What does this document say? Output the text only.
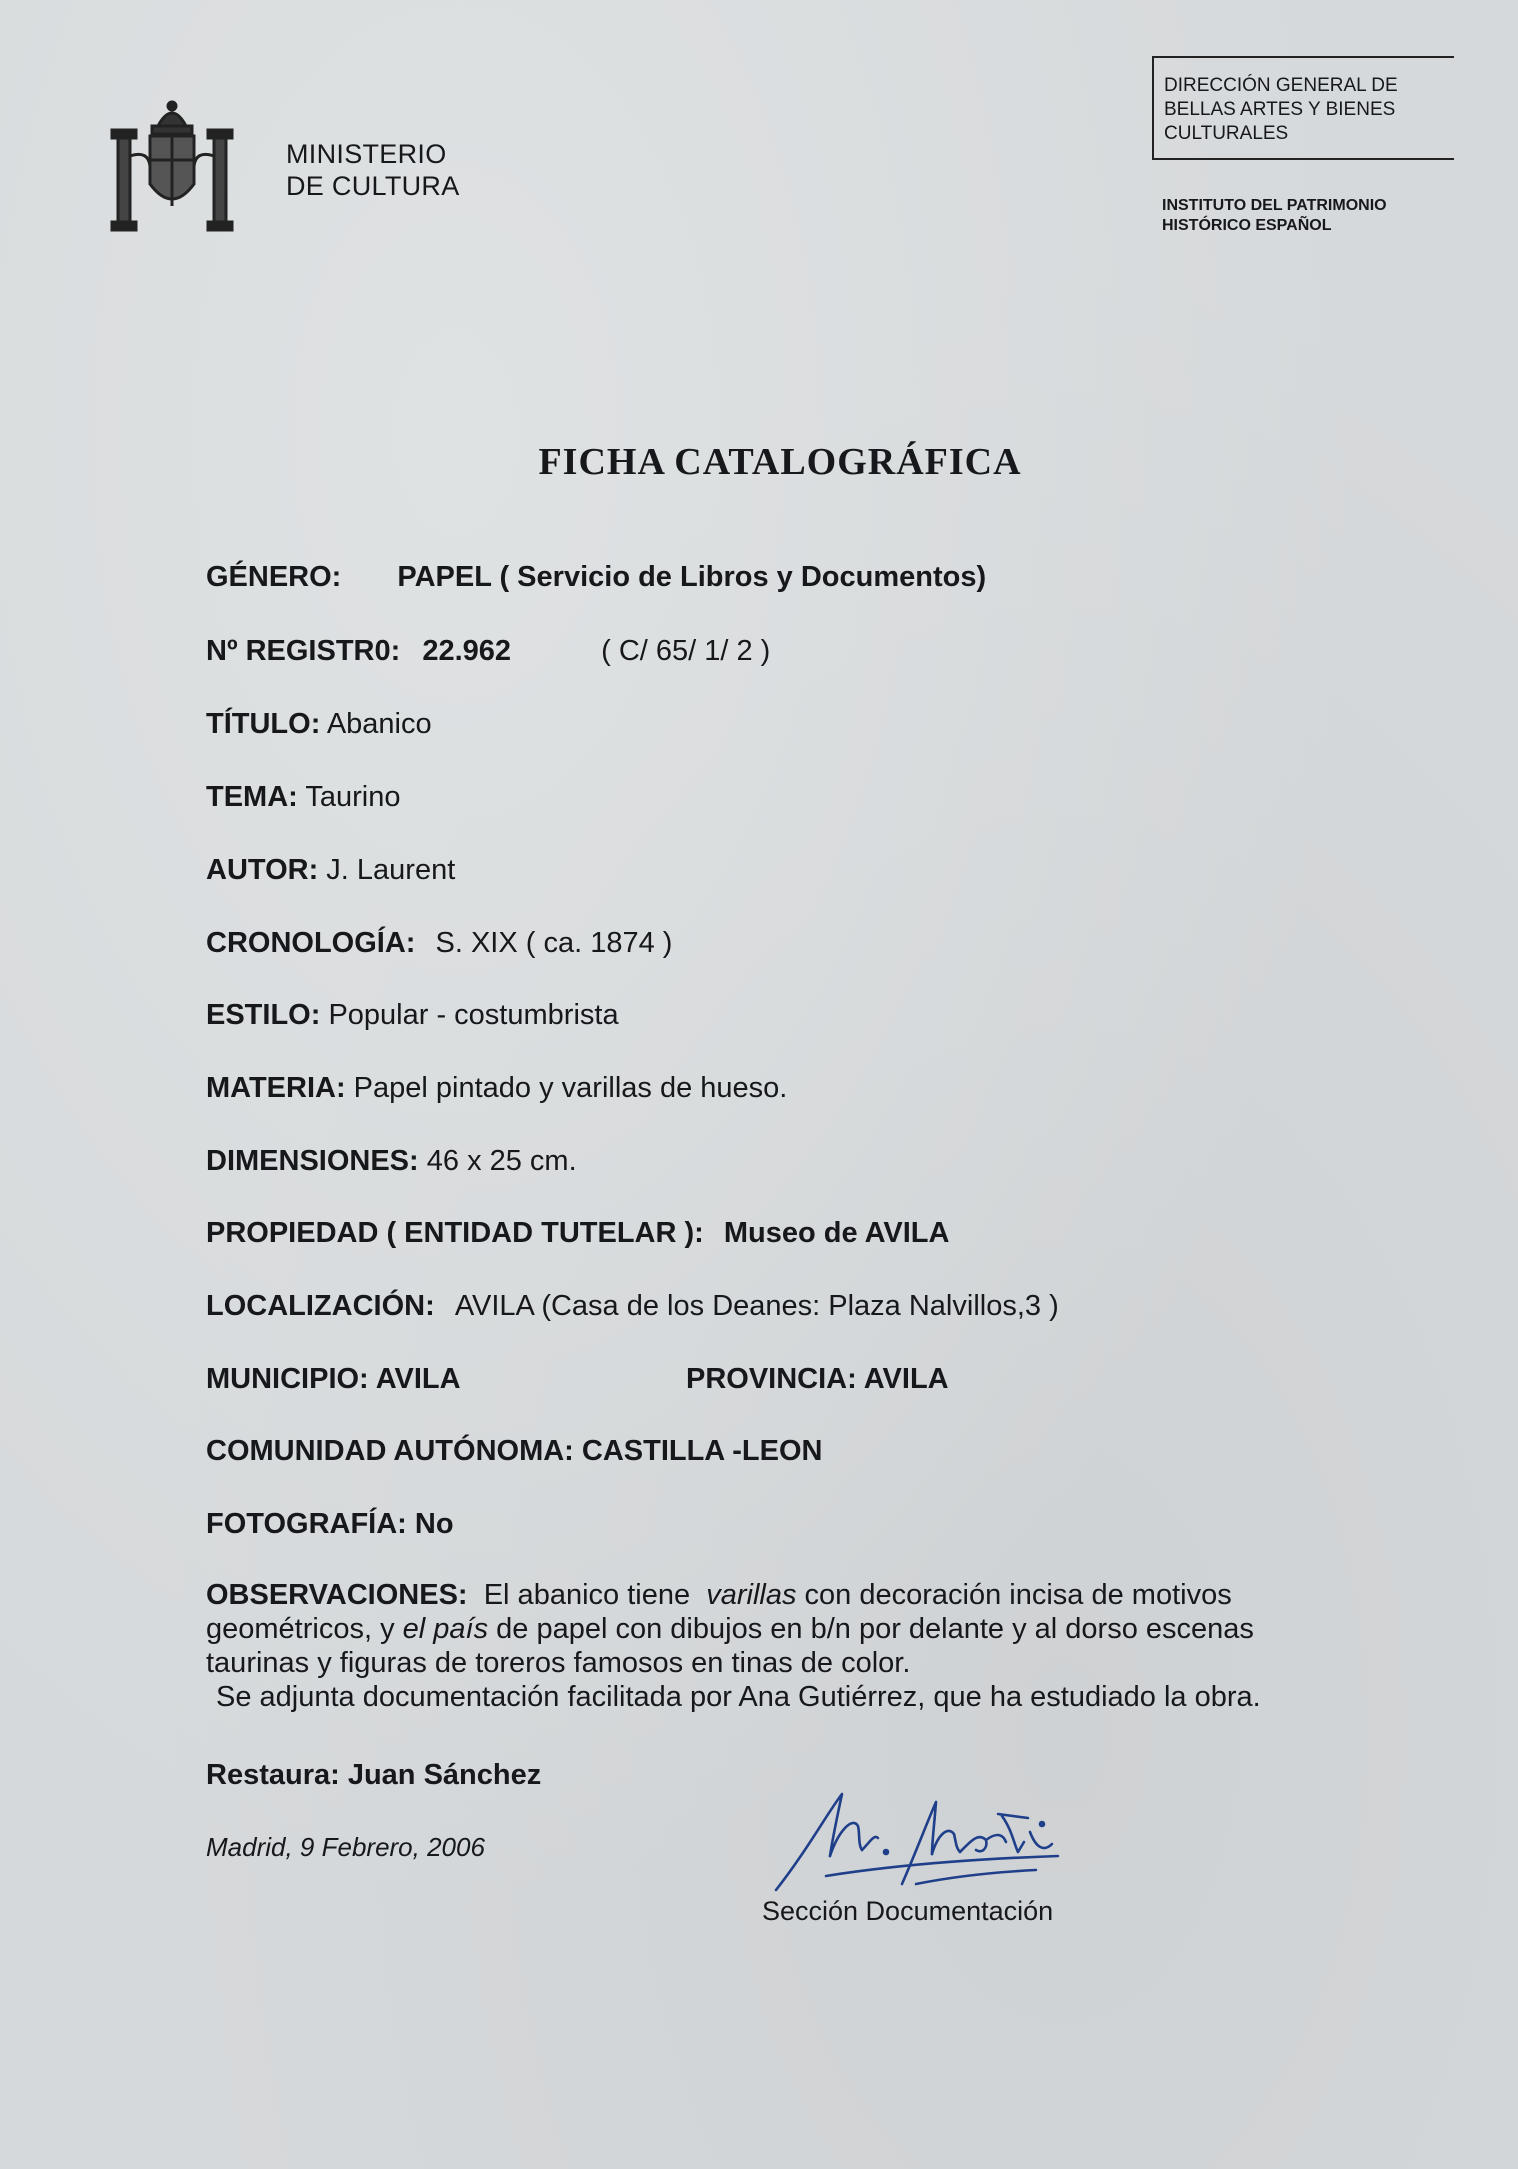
MINISTERIO
DE CULTURA
DIRECCIÓN GENERAL DE
BELLAS ARTES Y BIENES
CULTURALES
INSTITUTO DEL PATRIMONIO
HISTÓRICO ESPAÑOL
FICHA CATALOGRÁFICA
GÉNERO: PAPEL ( Servicio de Libros y Documentos)
Nº REGISTR0: 22.962	( C/ 65/ 1/ 2 )
TÍTULO: Abanico
TEMA: Taurino
AUTOR: J. Laurent
CRONOLOGÍA: S. XIX ( ca. 1874 )
ESTILO: Popular - costumbrista
MATERIA: Papel pintado y varillas de hueso.
DIMENSIONES: 46 x 25 cm.
PROPIEDAD ( ENTIDAD TUTELAR ): Museo de AVILA
LOCALIZACIÓN: AVILA (Casa de los Deanes: Plaza Nalvillos,3 )
MUNICIPIO: AVILA	PROVINCIA: AVILA
COMUNIDAD AUTÓNOMA: CASTILLA -LEON
FOTOGRAFÍA: No
OBSERVACIONES: El abanico tiene varillas con decoración incisa de motivos
geométricos, y el país de papel con dibujos en b/n por delante y al dorso escenas
taurinas y figuras de toreros famosos en tinas de color.
Se adjunta documentación facilitada por Ana Gutiérrez, que ha estudiado la obra.
Restaura: Juan Sánchez
Madrid, 9 Febrero, 2006
Sección Documentación
